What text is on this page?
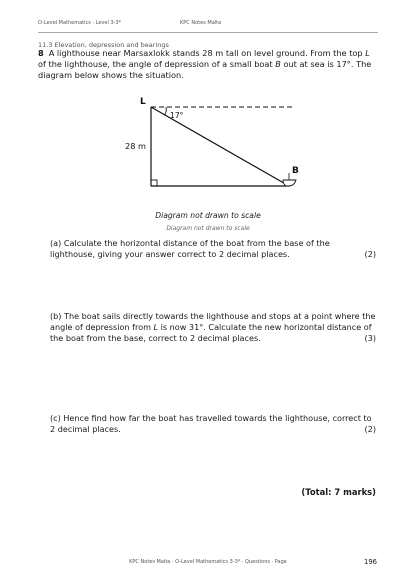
O-Level Mathematics · Level 3-3*	KPC Notes Malta
11.3 Elevation, depression and bearings
8 A lighthouse near Marsaxlokk stands 28 m tall on level ground. From the top L of the lighthouse, the angle of depression of a small boat B out at sea is 17°. The diagram below shows the situation.
L
B
28 m
17°
Diagram not drawn to scale
Diagram not drawn to scale
(a) Calculate the horizontal distance of the boat from the base of the lighthouse, giving your answer correct to 2 decimal places.	(2)
(b) The boat sails directly towards the lighthouse and stops at a point where the angle of depression from L is now 31°. Calculate the new horizontal distance of the boat from the base, correct to 2 decimal places.	(3)
(c) Hence find how far the boat has travelled towards the lighthouse, correct to 2 decimal places.	(2)
(Total: 7 marks)
KPC Notes Malta · O-Level Mathematics 3-3* · Questions · Page	196
